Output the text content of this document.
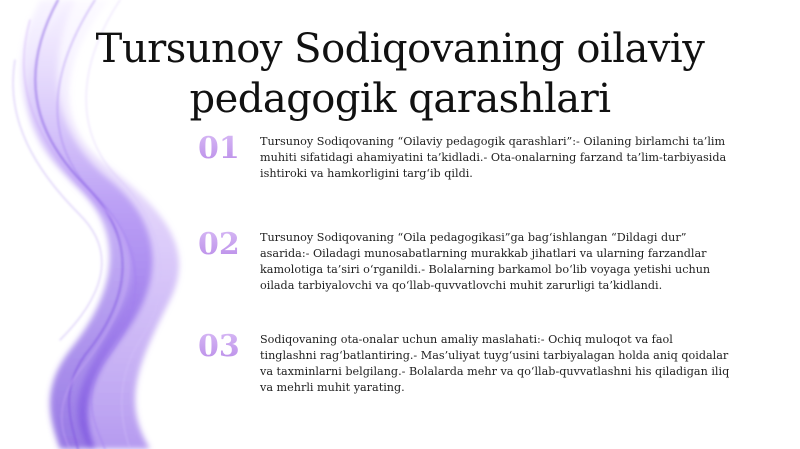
Tursunoy Sodiqovaning oilaviy pedagogik qarashlari
01 Tursunoy Sodiqovaning “Oilaviy pedagogik qarashlari”:- Oilaning birlamchi ta’lim muhiti sifatidagi ahamiyatini ta’kidladi.- Ota-onalarning farzand ta’lim-tarbiyasida ishtiroki va hamkorligini targ‘ib qildi.

02 Tursunoy Sodiqovaning “Oila pedagogikasi”ga bag‘ishlangan “Dildagi dur” asarida:- Oiladagi munosabatlarning murakkab jihatlari va ularning farzandlar kamolotiga ta’siri o‘rganildi.- Bolalarning barkamol bo‘lib voyaga yetishi uchun oilada tarbiyalovchi va qo‘llab-quvvatlovchi muhit zarurligi ta’kidlandi.

03 Sodiqovaning ota-onalar uchun amaliy maslahati:- Ochiq muloqot va faol tinglashni rag‘batlantiring.- Mas’uliyat tuyg‘usini tarbiyalagan holda aniq qoidalar va taxminlarni belgilang.- Bolalarda mehr va qo‘llab-quvvatlashni his qiladigan iliq va mehrli muhit yarating.
